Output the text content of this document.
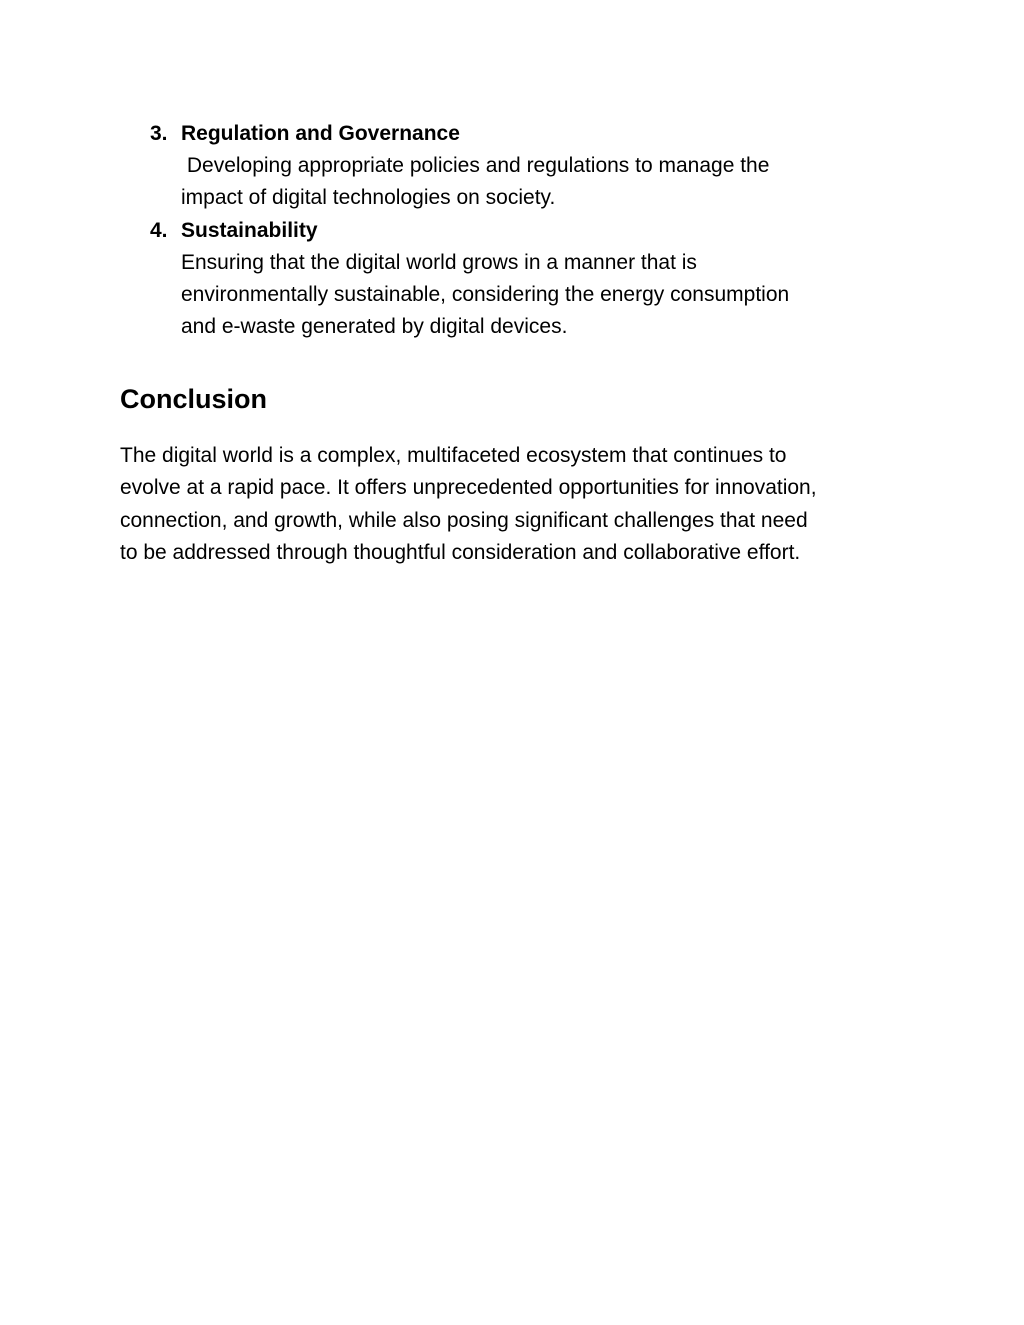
3. Regulation and Governance
Developing appropriate policies and regulations to manage the
impact of digital technologies on society.
4. Sustainability
Ensuring that the digital world grows in a manner that is
environmentally sustainable, considering the energy consumption
and e-waste generated by digital devices.
Conclusion

The digital world is a complex, multifaceted ecosystem that continues to
evolve at a rapid pace. It offers unprecedented opportunities for innovation,
connection, and growth, while also posing significant challenges that need
to be addressed through thoughtful consideration and collaborative effort.
